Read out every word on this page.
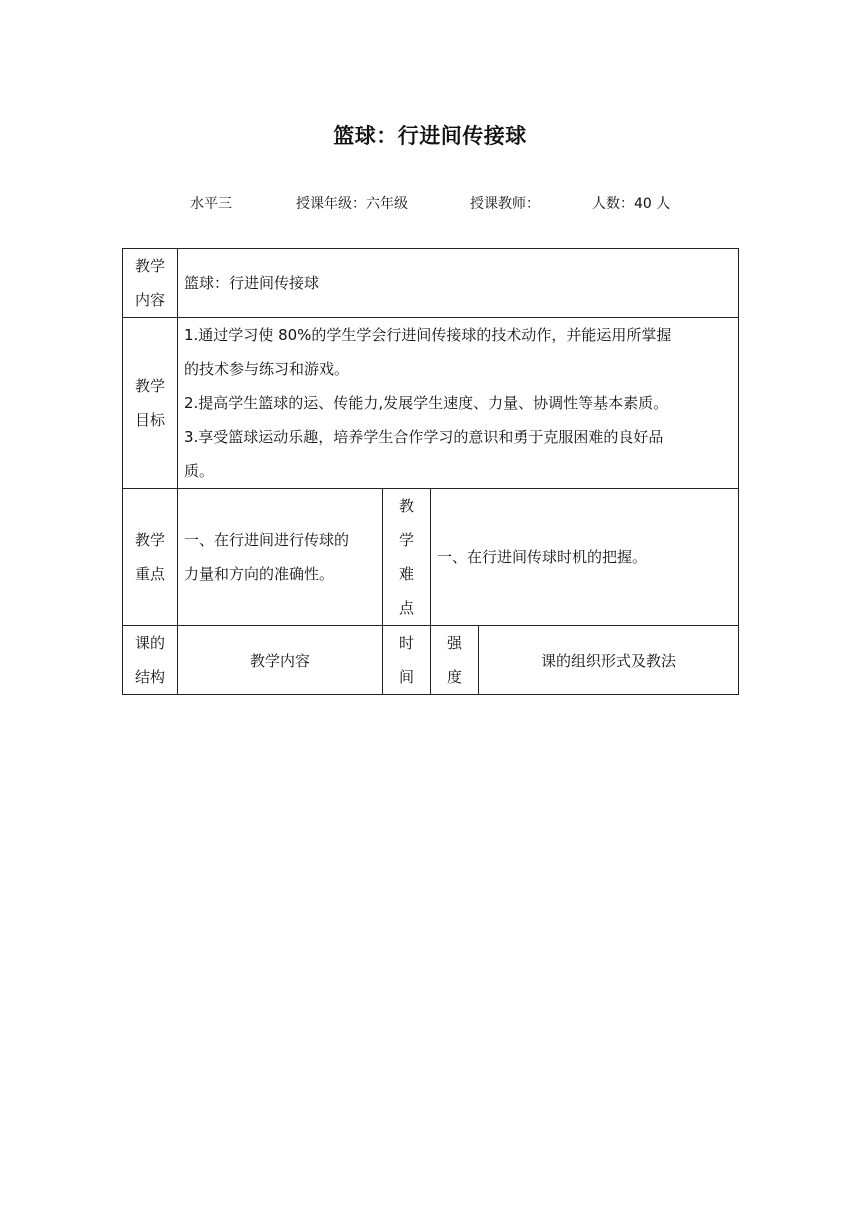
篮球：行进间传接球
水平三	授课年级：六年级	授课教师：	人数：40 人
教学
内容	篮球：行进间传接球			

教学
目标	1.通过学习使 80%的学生学会行进间传接球的技术动作，并能运用所掌握
的技术参与练习和游戏。
2.提高学生篮球的运、传能力,发展学生速度、力量、协调性等基本素质。
3.享受篮球运动乐趣，培养学生合作学习的意识和勇于克服困难的良好品
质。			

教学
重点	一、在行进间进行传球的
力量和方向的准确性。	教
学
难
点	一、在行进间传球时机的把握。	

课的
结构	教学内容	时
间	强
度	课的组织形式及教法
